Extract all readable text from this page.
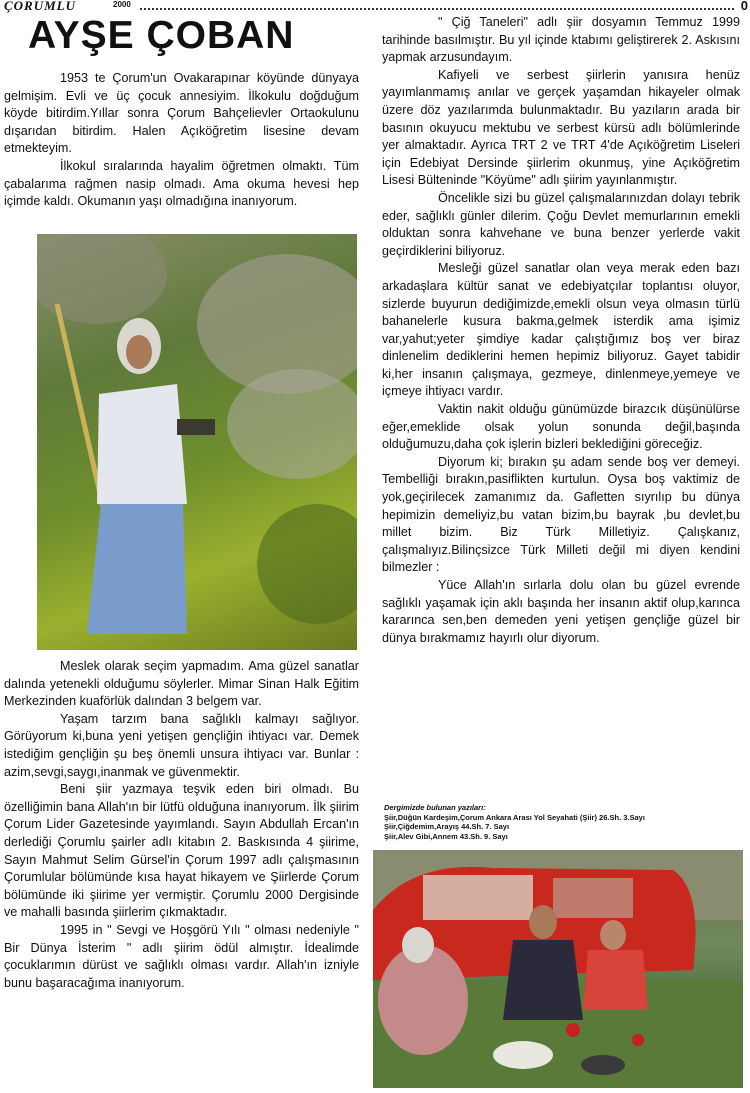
ÇORUMLU	2000	0
AYŞE ÇOBAN

1953 te Çorum'un Ovakarapınar köyünde dünyaya gelmişim. Evli ve üç çocuk annesiyim. İlkokulu doğduğum köyde bitirdim.Yıllar sonra Çorum Bahçelievler Ortaokulunu dışarıdan bitirdim. Halen Açıköğretim lisesine devam etmekteyim.

İlkokul sıralarında hayalim öğretmen olmaktı. Tüm çabalarıma rağmen nasip olmadı. Ama okuma hevesi hep içimde kaldı. Okumanın yaşı olmadığına inanıyorum.

Meslek olarak seçim yapmadım. Ama güzel sanatlar dalında yetenekli olduğumu söylerler. Mimar Sinan Halk Eğitim Merkezinden kuaförlük dalından 3 belgem var.

Yaşam tarzım bana sağlıklı kalmayı sağlıyor. Görüyorum ki,buna yeni yetişen gençliğin ihtiyacı var. Demek istediğim gençliğin şu beş önemli unsura ihtiyacı var. Bunlar : azim,sevgi,saygı,inanmak ve güvenmektir.

Beni şiir yazmaya teşvik eden biri olmadı. Bu özelliğimin bana Allah'ın bir lütfü olduğuna inanıyorum. İlk şiirim Çorum Lider Gazetesinde yayımlandı. Sayın Abdullah Ercan'ın derlediği Çorumlu şairler adlı kitabın 2. Baskısında 4 şiirime, Sayın Mahmut Selim Gürsel'in Çorum 1997 adlı çalışmasının Çorumlular bölümünde kısa hayat hikayem ve Şiirlerde Çorum bölümünde iki şiirime yer vermiştir. Çorumlu 2000 Dergisinde ve mahalli basında şiirlerim çıkmaktadır.

1995 in " Sevgi ve Hoşgörü Yılı " olması nedeniyle " Bir Dünya İsterim " adlı şiirim ödül almıştır. İdealimde çocuklarımın dürüst ve sağlıklı olması vardır. Allah'ın izniyle bunu başaracağıma inanıyorum.

" Çiğ Taneleri" adlı şiir dosyamın Temmuz 1999 tarihinde basılmıştır. Bu yıl içinde ktabımı geliştirerek 2. Askısını yapmak arzusundayım.

Kafiyeli ve serbest şiirlerin yanısıra henüz yayımlanmamış anılar ve gerçek yaşamdan hikayeler olmak üzere döz yazılarımda bulunmaktadır. Bu yazıların arada bir basının okuyucu mektubu ve serbest kürsü adlı bölümlerinde yer almaktadır. Ayrıca TRT 2 ve TRT 4'de Açıköğretim Liseleri için Edebiyat Dersinde şiirlerim okunmuş, yine Açıköğretim Lisesi Bülteninde "Köyüme" adlı şiirim yayınlanmıştır.

Öncelikle sizi bu güzel çalışmalarınızdan dolayı tebrik eder, sağlıklı günler dilerim. Çoğu Devlet memurlarının emekli olduktan sonra kahvehane ve buna benzer yerlerde vakit geçirdiklerini biliyoruz.

Mesleği güzel sanatlar olan veya merak eden bazı arkadaşlara kültür sanat ve edebiyatçılar toplantısı oluyor, sizlerde buyurun dediğimizde,emekli olsun veya olmasın türlü bahanelerle kusura bakma,gelmek isterdik ama işimiz var,yahut;yeter şimdiye kadar çalıştığımız boş ver biraz dinlenelim dediklerini hemen hepimiz biliyoruz. Gayet tabidir ki,her insanın çalışmaya, gezmeye, dinlenmeye,yemeye ve içmeye ihtiyacı vardır.

Vaktin nakit olduğu günümüzde birazcık düşünülürse eğer,emeklide olsak yolun sonunda değil,başında olduğumuzu,daha çok işlerin bizleri beklediğini göreceğiz.

Diyorum ki; bırakın şu adam sende boş ver demeyi. Tembelliği bırakın,pasiflikten kurtulun. Oysa boş vaktimiz de yok,geçirilecek zamanımız da. Gafletten sıyrılıp bu dünya hepimizin demeliyiz,bu vatan bizim,bu bayrak ,bu devlet,bu millet bizim. Biz Türk Milletiyiz. Çalışkanız, çalışmalıyız.Bilinçsizce Türk Milleti değil mi diyen kendini bilmezler :

Yüce Allah'ın sırlarla dolu olan bu güzel evrende sağlıklı yaşamak için aklı başında her insanın aktif olup,karınca kararınca sen,ben demeden yeni yetişen gençliğe güzel bir dünya bırakmamız hayırlı olur diyorum.

Dergimizde bulunan yazıları:
Şiir,Düğün Kardeşim,Çorum Ankara Arası Yol Seyahati (Şiir) 26.Sh. 3.Sayı
Şiir,Çiğdemim,Arayış 44.Sh. 7. Sayı
Şiir,Alev Gibi,Annem 43.Sh. 9. Sayı
